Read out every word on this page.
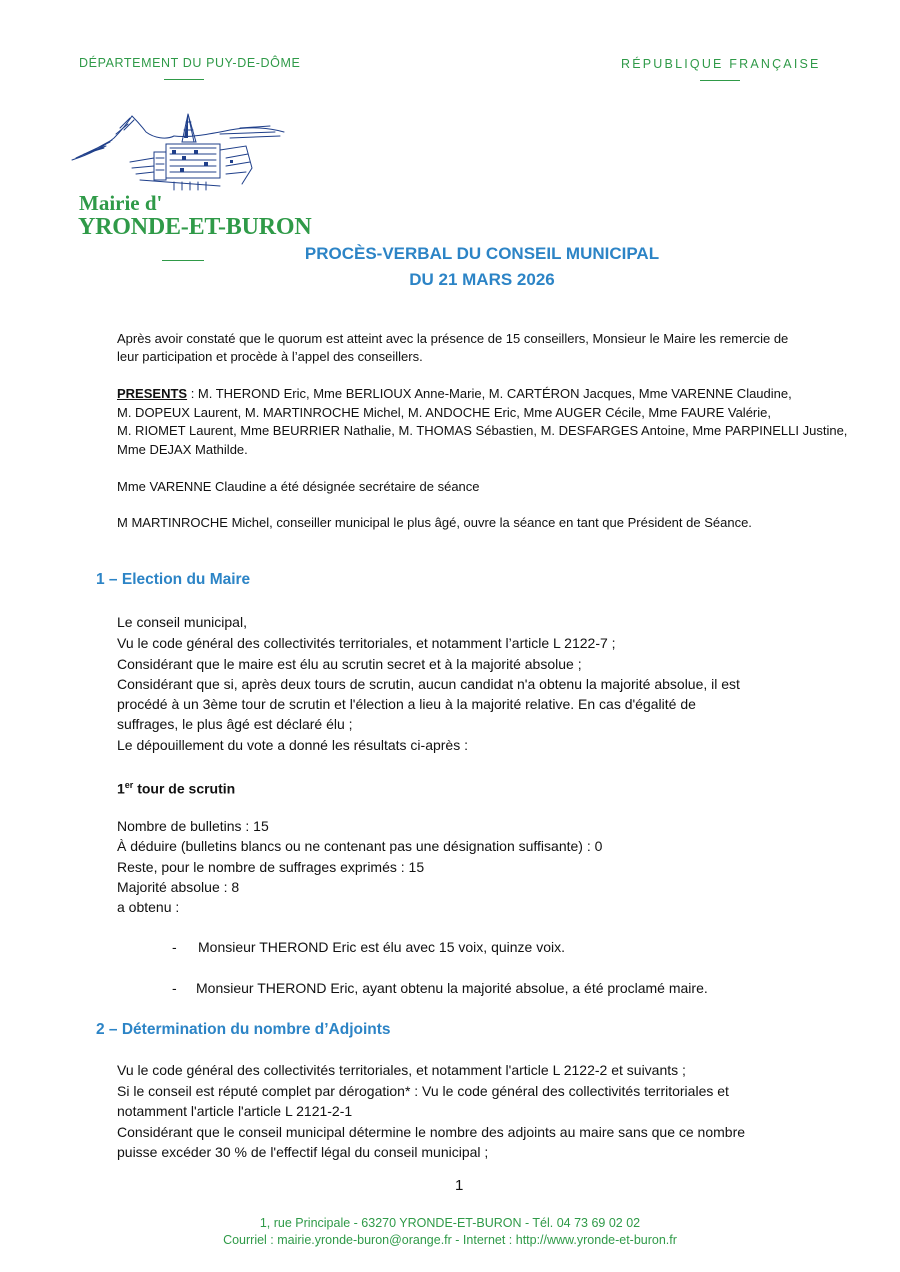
DÉPARTEMENT DU PUY-DE-DÔME	RÉPUBLIQUE FRANÇAISE
Mairie d'
YRONDE-ET-BURON
PROCÈS-VERBAL DU CONSEIL MUNICIPAL
DU 21 MARS 2026
Après avoir constaté que le quorum est atteint avec la présence de 15 conseillers, Monsieur le Maire les remercie de
leur participation et procède à l’appel des conseillers.
PRESENTS : M. THEROND Eric, Mme BERLIOUX Anne-Marie, M. CARTÉRON Jacques, Mme VARENNE Claudine,
M. DOPEUX Laurent, M. MARTINROCHE Michel, M. ANDOCHE Eric, Mme AUGER Cécile, Mme FAURE Valérie,
M. RIOMET Laurent, Mme BEURRIER Nathalie, M. THOMAS Sébastien, M. DESFARGES Antoine, Mme PARPINELLI Justine,
Mme DEJAX Mathilde.
Mme VARENNE Claudine a été désignée secrétaire de séance
M MARTINROCHE Michel, conseiller municipal le plus âgé, ouvre la séance en tant que Président de Séance.
1 – Election du Maire
Le conseil municipal,
Vu le code général des collectivités territoriales, et notamment l’article L 2122-7 ;
Considérant que le maire est élu au scrutin secret et à la majorité absolue ;
Considérant que si, après deux tours de scrutin, aucun candidat n'a obtenu la majorité absolue, il est
procédé à un 3ème tour de scrutin et l'élection a lieu à la majorité relative. En cas d'égalité de
suffrages, le plus âgé est déclaré élu ;
Le dépouillement du vote a donné les résultats ci-après :
1er tour de scrutin
Nombre de bulletins : 15
À déduire (bulletins blancs ou ne contenant pas une désignation suffisante) : 0
Reste, pour le nombre de suffrages exprimés : 15
Majorité absolue : 8
a obtenu :
- Monsieur THEROND Eric est élu avec 15 voix, quinze voix.
- Monsieur THEROND Eric, ayant obtenu la majorité absolue, a été proclamé maire.
2 – Détermination du nombre d’Adjoints
Vu le code général des collectivités territoriales, et notamment l'article L 2122-2 et suivants ;
Si le conseil est réputé complet par dérogation* : Vu le code général des collectivités territoriales et
notamment l'article l'article L 2121-2-1
Considérant que le conseil municipal détermine le nombre des adjoints au maire sans que ce nombre
puisse excéder 30 % de l'effectif légal du conseil municipal ;
1
1, rue Principale - 63270 YRONDE-ET-BURON - Tél. 04 73 69 02 02
Courriel : mairie.yronde-buron@orange.fr - Internet : http://www.yronde-et-buron.fr
